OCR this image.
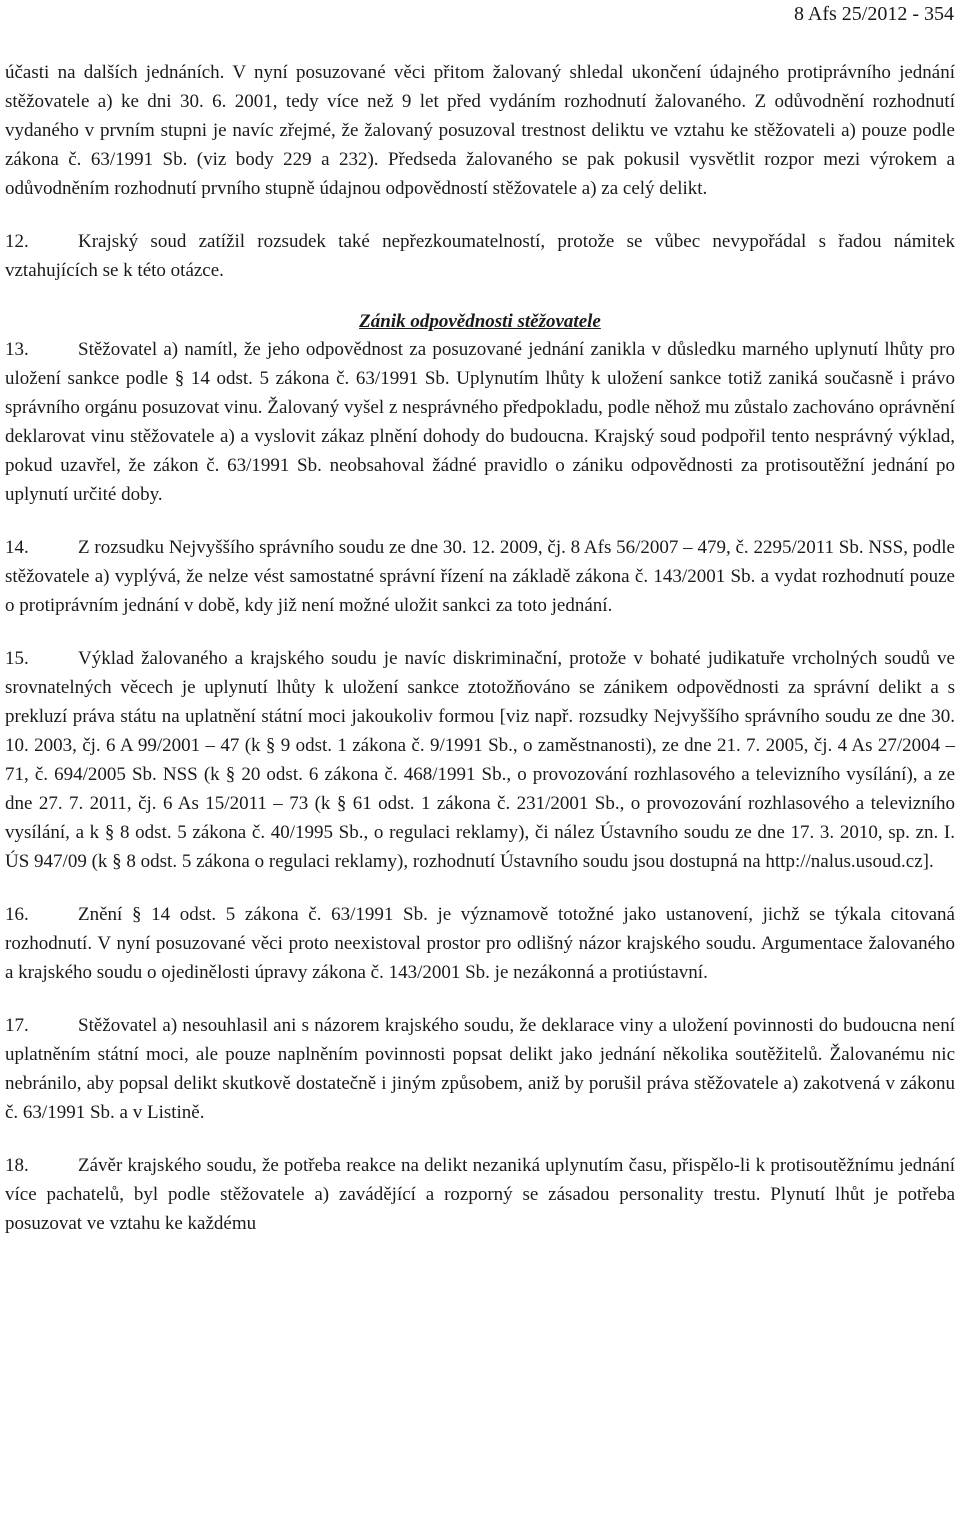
8 Afs 25/2012 - 354

účasti na dalších jednáních. V nyní posuzované věci přitom žalovaný shledal ukončení údajného protiprávního jednání stěžovatele a) ke dni 30. 6. 2001, tedy více než 9 let před vydáním rozhodnutí žalovaného. Z odůvodnění rozhodnutí vydaného v prvním stupni je navíc zřejmé, že žalovaný posuzoval trestnost deliktu ve vztahu ke stěžovateli a) pouze podle zákona č. 63/1991 Sb. (viz body 229 a 232). Předseda žalovaného se pak pokusil vysvětlit rozpor mezi výrokem a odůvodněním rozhodnutí prvního stupně údajnou odpovědností stěžovatele a) za celý delikt.

12.	Krajský soud zatížil rozsudek také nepřezkoumatelností, protože se vůbec nevypořádal s řadou námitek vztahujících se k této otázce.

Zánik odpovědnosti stěžovatele

13.	Stěžovatel a) namítl, že jeho odpovědnost za posuzované jednání zanikla v důsledku marného uplynutí lhůty pro uložení sankce podle § 14 odst. 5 zákona č. 63/1991 Sb. Uplynutím lhůty k uložení sankce totiž zaniká současně i právo správního orgánu posuzovat vinu. Žalovaný vyšel z nesprávného předpokladu, podle něhož mu zůstalo zachováno oprávnění deklarovat vinu stěžovatele a) a vyslovit zákaz plnění dohody do budoucna. Krajský soud podpořil tento nesprávný výklad, pokud uzavřel, že zákon č. 63/1991 Sb. neobsahoval žádné pravidlo o zániku odpovědnosti za protisoutěžní jednání po uplynutí určité doby.

14.	Z rozsudku Nejvyššího správního soudu ze dne 30. 12. 2009, čj. 8 Afs 56/2007 – 479, č. 2295/2011 Sb. NSS, podle stěžovatele a) vyplývá, že nelze vést samostatné správní řízení na základě zákona č. 143/2001 Sb. a vydat rozhodnutí pouze o protiprávním jednání v době, kdy již není možné uložit sankci za toto jednání.

15.	Výklad žalovaného a krajského soudu je navíc diskriminační, protože v bohaté judikatuře vrcholných soudů ve srovnatelných věcech je uplynutí lhůty k uložení sankce ztotožňováno se zánikem odpovědnosti za správní delikt a s prekluzí práva státu na uplatnění státní moci jakoukoliv formou [viz např. rozsudky Nejvyššího správního soudu ze dne 30. 10. 2003, čj. 6 A 99/2001 – 47 (k § 9 odst. 1 zákona č. 9/1991 Sb., o zaměstnanosti), ze dne 21. 7. 2005, čj. 4 As 27/2004 – 71, č. 694/2005 Sb. NSS (k § 20 odst. 6 zákona č. 468/1991 Sb., o provozování rozhlasového a televizního vysílání), a ze dne 27. 7. 2011, čj. 6 As 15/2011 – 73 (k § 61 odst. 1 zákona č. 231/2001 Sb., o provozování rozhlasového a televizního vysílání, a k § 8 odst. 5 zákona č. 40/1995 Sb., o regulaci reklamy), či nález Ústavního soudu ze dne 17. 3. 2010, sp. zn. I. ÚS 947/09 (k § 8 odst. 5 zákona o regulaci reklamy), rozhodnutí Ústavního soudu jsou dostupná na http://nalus.usoud.cz].

16.	Znění § 14 odst. 5 zákona č. 63/1991 Sb. je významově totožné jako ustanovení, jichž se týkala citovaná rozhodnutí. V nyní posuzované věci proto neexistoval prostor pro odlišný názor krajského soudu. Argumentace žalovaného a krajského soudu o ojedinělosti úpravy zákona č. 143/2001 Sb. je nezákonná a protiústavní.

17.	Stěžovatel a) nesouhlasil ani s názorem krajského soudu, že deklarace viny a uložení povinnosti do budoucna není uplatněním státní moci, ale pouze naplněním povinnosti popsat delikt jako jednání několika soutěžitelů. Žalovanému nic nebránilo, aby popsal delikt skutkově dostatečně i jiným způsobem, aniž by porušil práva stěžovatele a) zakotvená v zákonu č. 63/1991 Sb. a v Listině.

18.	Závěr krajského soudu, že potřeba reakce na delikt nezaniká uplynutím času, přispělo-li k protisoutěžnímu jednání více pachatelů, byl podle stěžovatele a) zavádějící a rozporný se zásadou personality trestu. Plynutí lhůt je potřeba posuzovat ve vztahu ke každému
